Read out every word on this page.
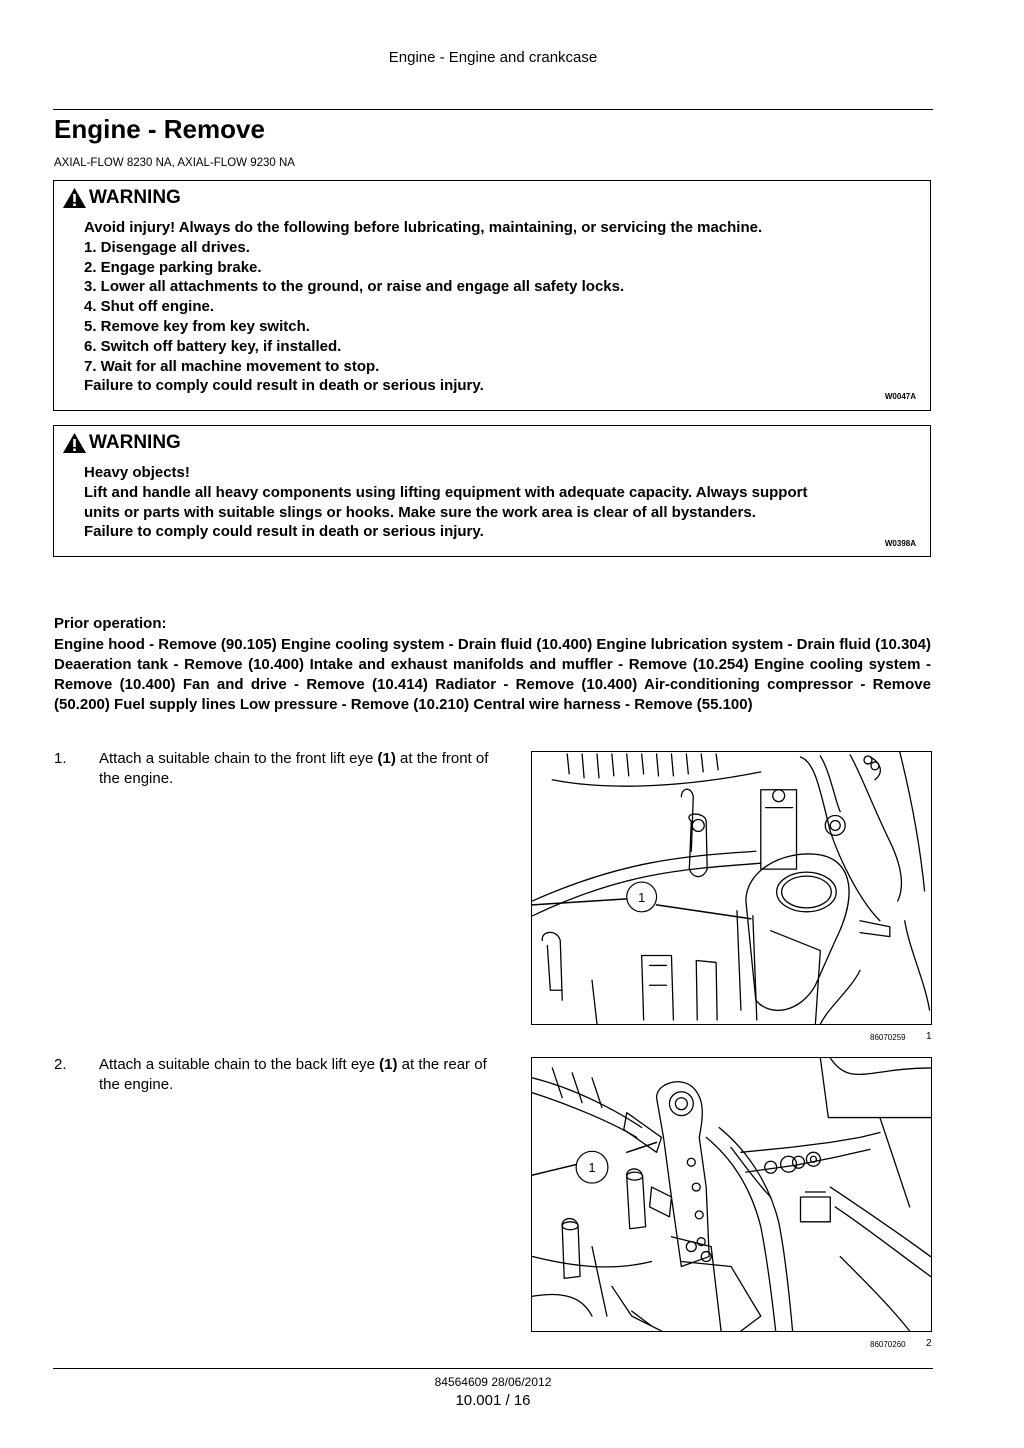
Engine - Engine and crankcase
Engine - Remove
AXIAL-FLOW 8230 NA, AXIAL-FLOW 9230 NA
WARNING
Avoid injury! Always do the following before lubricating, maintaining, or servicing the machine.
1. Disengage all drives.
2. Engage parking brake.
3. Lower all attachments to the ground, or raise and engage all safety locks.
4. Shut off engine.
5. Remove key from key switch.
6. Switch off battery key, if installed.
7. Wait for all machine movement to stop.
Failure to comply could result in death or serious injury.
W0047A
WARNING
Heavy objects!
Lift and handle all heavy components using lifting equipment with adequate capacity. Always support
units or parts with suitable slings or hooks. Make sure the work area is clear of all bystanders.
Failure to comply could result in death or serious injury.
W0398A
Prior operation:
Engine hood - Remove (90.105) Engine cooling system - Drain fluid (10.400) Engine lubrication system - Drain fluid (10.304) Deaeration tank - Remove (10.400) Intake and exhaust manifolds and muffler - Remove (10.254) Engine cooling system - Remove (10.400) Fan and drive - Remove (10.414) Radiator - Remove (10.400) Air-conditioning compressor - Remove (50.200) Fuel supply lines Low pressure - Remove (10.210) Central wire harness - Remove (55.100)
1. Attach a suitable chain to the front lift eye (1) at the front of the engine.
1
86070259 1
2. Attach a suitable chain to the back lift eye (1) at the rear of the engine.
1
86070260 2
84564609 28/06/2012
10.001 / 16
